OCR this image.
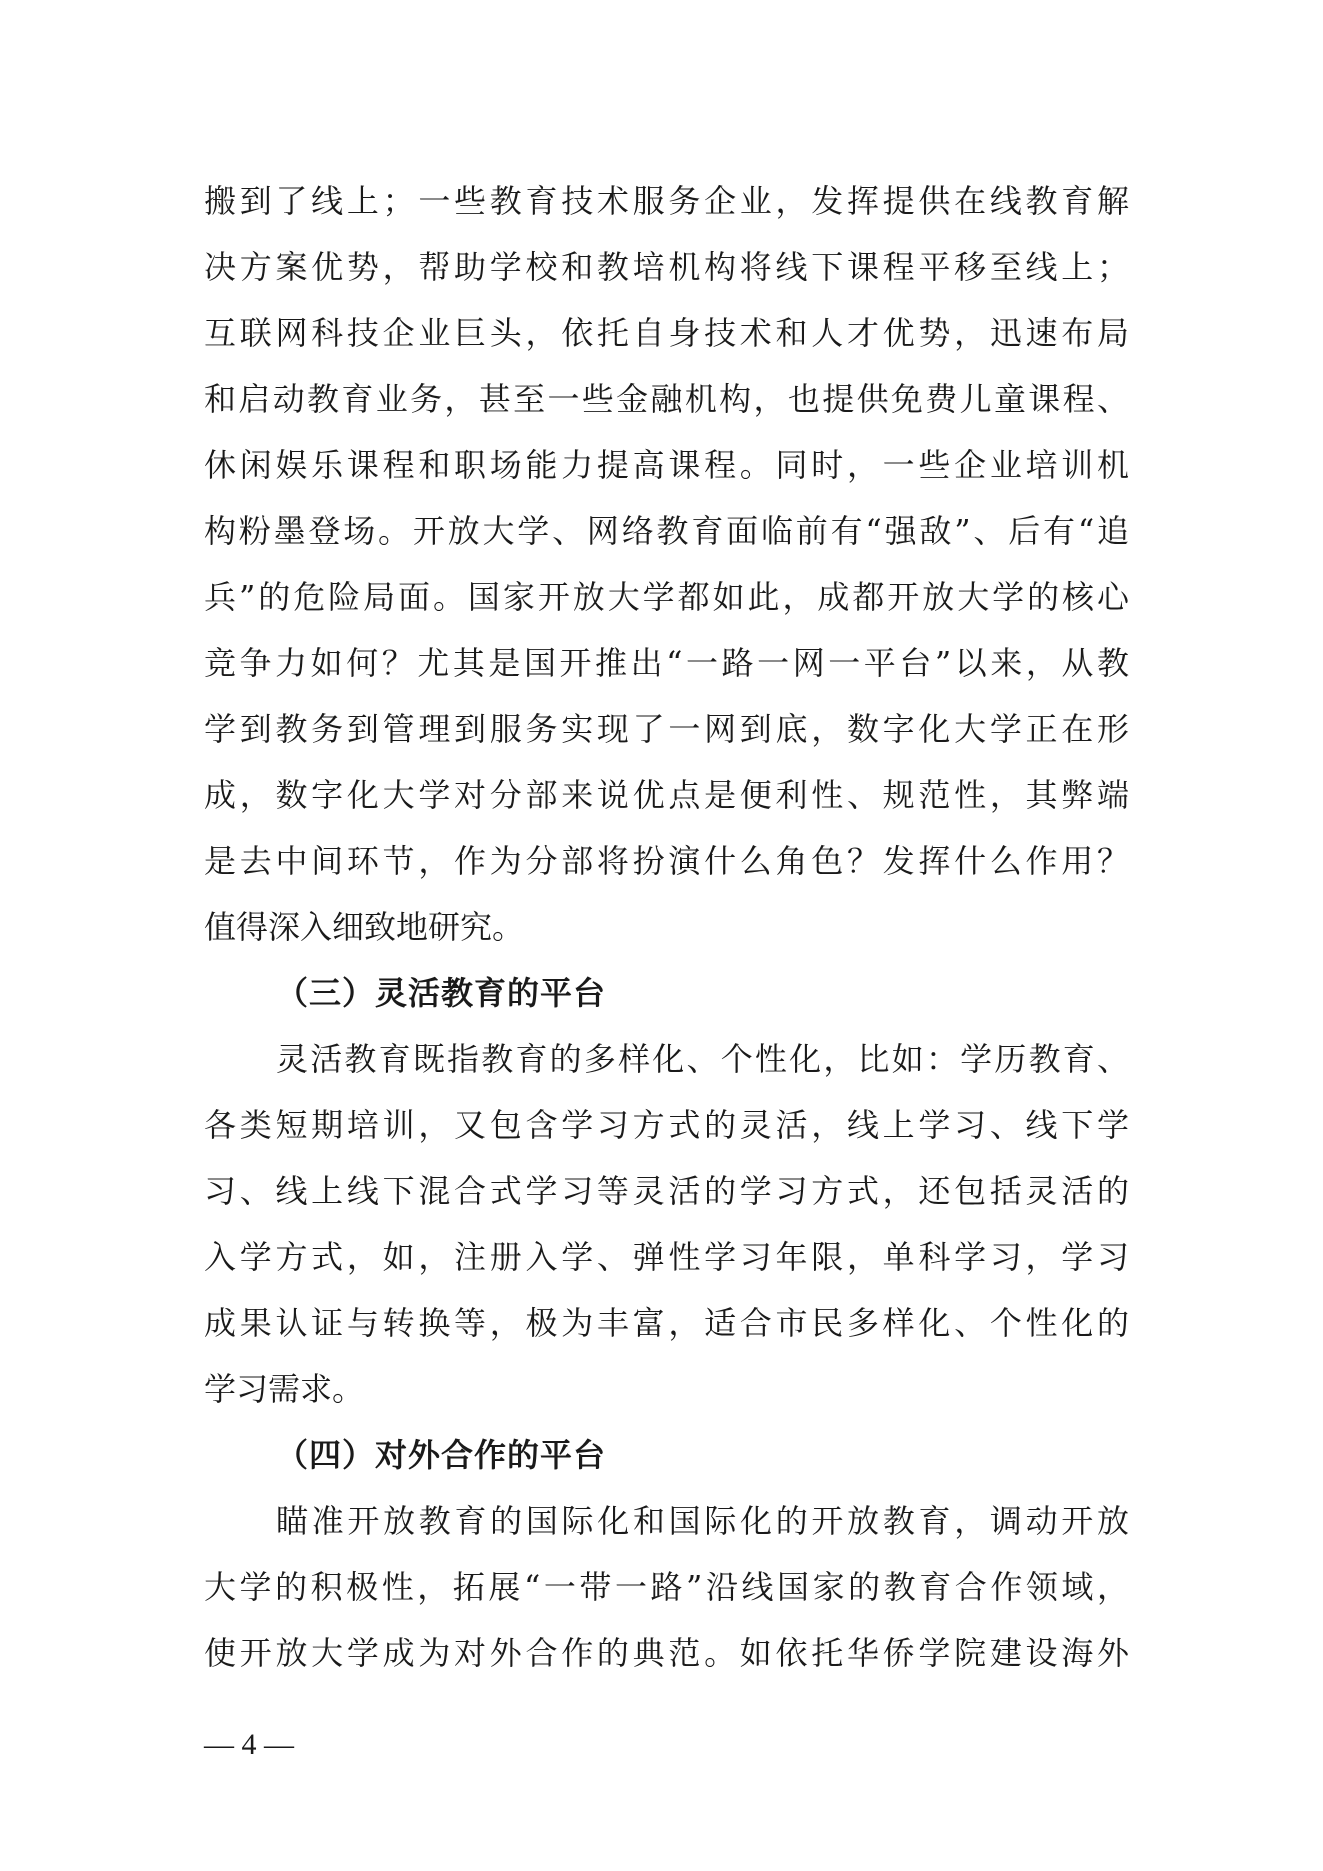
搬到了线上；一些教育技术服务企业，发挥提供在线教育解
决方案优势，帮助学校和教培机构将线下课程平移至线上；
互联网科技企业巨头，依托自身技术和人才优势，迅速布局
和启动教育业务，甚至一些金融机构，也提供免费儿童课程、
休闲娱乐课程和职场能力提高课程。同时，一些企业培训机
构粉墨登场。开放大学、网络教育面临前有“强敌”、后有“追
兵”的危险局面。国家开放大学都如此，成都开放大学的核心
竞争力如何？尤其是国开推出“一路一网一平台”以来，从教
学到教务到管理到服务实现了一网到底，数字化大学正在形
成，数字化大学对分部来说优点是便利性、规范性，其弊端
是去中间环节，作为分部将扮演什么角色？发挥什么作用？
值得深入细致地研究。
（三）灵活教育的平台
灵活教育既指教育的多样化、个性化，比如：学历教育、
各类短期培训，又包含学习方式的灵活，线上学习、线下学
习、线上线下混合式学习等灵活的学习方式，还包括灵活的
入学方式，如，注册入学、弹性学习年限，单科学习，学习
成果认证与转换等，极为丰富，适合市民多样化、个性化的
学习需求。
（四）对外合作的平台
瞄准开放教育的国际化和国际化的开放教育，调动开放
大学的积极性，拓展“一带一路”沿线国家的教育合作领域，
使开放大学成为对外合作的典范。如依托华侨学院建设海外
— 4 —
